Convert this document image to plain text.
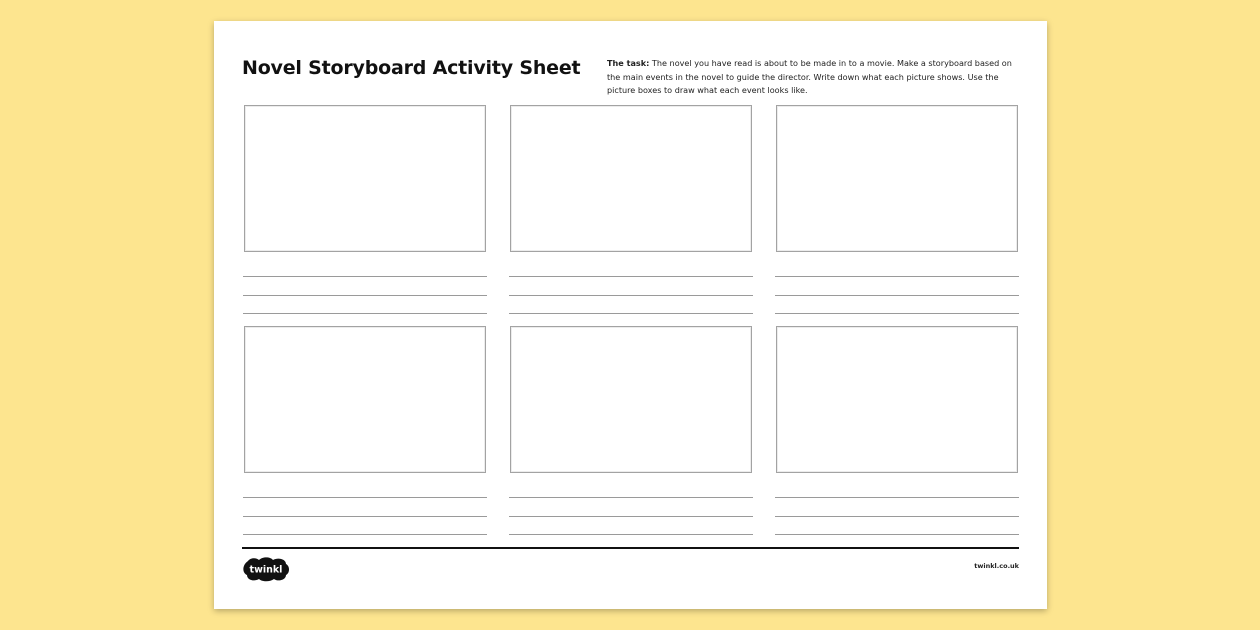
Novel Storyboard Activity Sheet	The task: The novel you have read is about to be made in to a movie. Make a storyboard based on the main events in the novel to guide the director. Write down what each picture shows. Use the picture boxes to draw what each event looks like.
twinkl	twinkl.co.uk
